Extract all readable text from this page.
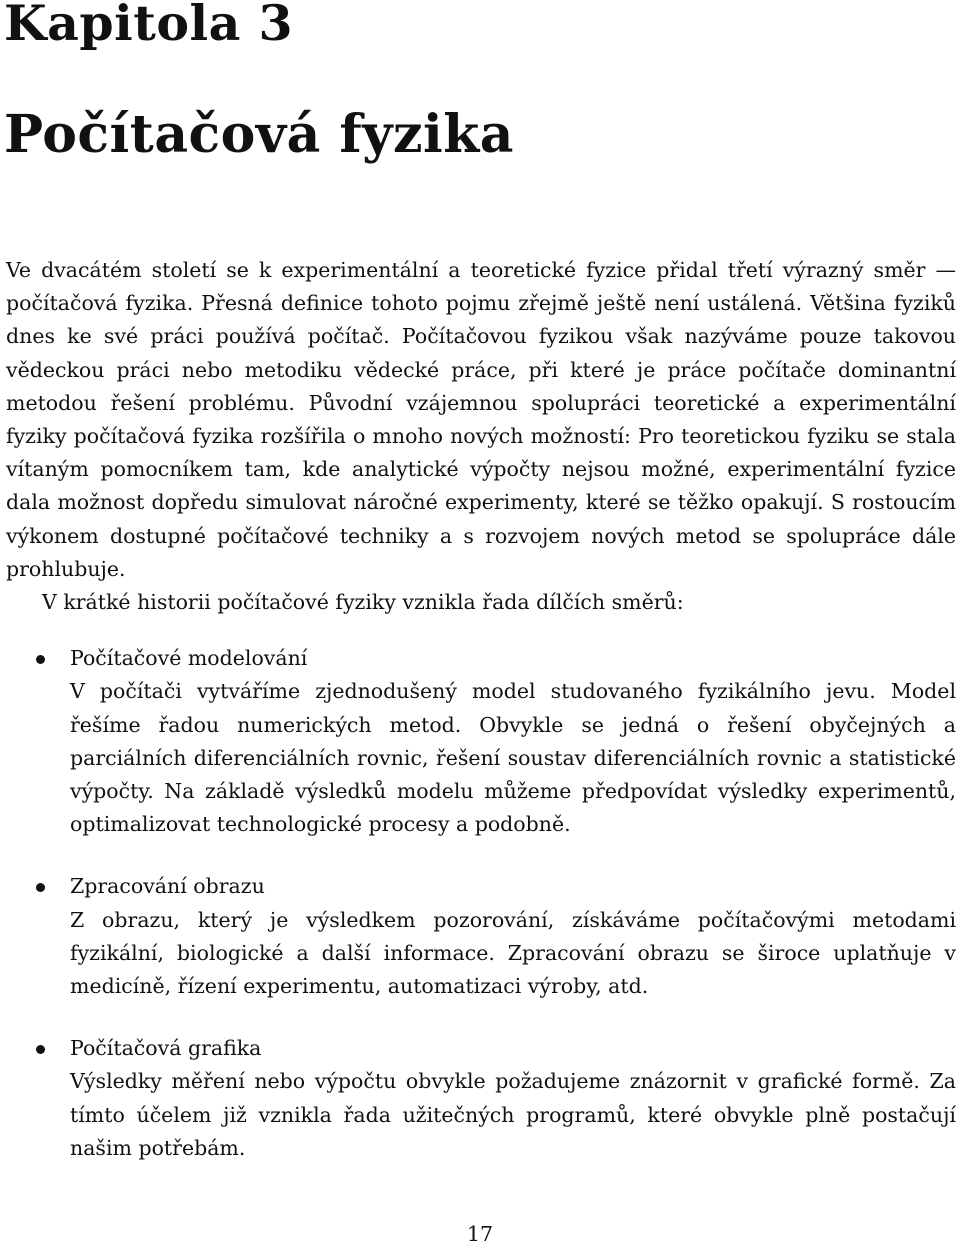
Kapitola 3
Počítačová fyzika

Ve dvacátém století se k experimentální a teoretické fyzice přidal třetí výrazný směr — počítačová fyzika. Přesná definice tohoto pojmu zřejmě ještě není ustálená. Většina fyziků dnes ke své práci používá počítač. Počítačovou fyzikou však nazýváme pouze takovou vědeckou práci nebo metodiku vědecké práce, při které je práce počítače dominantní metodou řešení problému. Původní vzájemnou spolupráci teoretické a experimentální fyziky počítačová fyzika rozšířila o mnoho nových možností: Pro teoretickou fyziku se stala vítaným pomocníkem tam, kde analytické výpočty nejsou možné, experimentální fyzice dala možnost dopředu simulovat náročné experimenty, které se těžko opakují. S rostoucím výkonem dostupné počítačové techniky a s rozvojem nových metod se spolupráce dále prohlubuje.

V krátké historii počítačové fyziky vznikla řada dílčích směrů:

Počítačové modelování

V počítači vytváříme zjednodušený model studovaného fyzikálního jevu. Model řešíme řadou numerických metod. Obvykle se jedná o řešení obyčejných a parciálních diferenciálních rovnic, řešení soustav diferenciálních rovnic a statistické výpočty. Na základě výsledků modelu můžeme předpovídat výsledky experimentů, optimalizovat technologické procesy a podobně.

Zpracování obrazu

Z obrazu, který je výsledkem pozorování, získáváme počítačovými metodami fyzikální, biologické a další informace. Zpracování obrazu se široce uplatňuje v medicíně, řízení experimentu, automatizaci výroby, atd.

Počítačová grafika

Výsledky měření nebo výpočtu obvykle požadujeme znázornit v grafické formě. Za tímto účelem již vznikla řada užitečných programů, které obvykle plně postačují našim potřebám.

17
